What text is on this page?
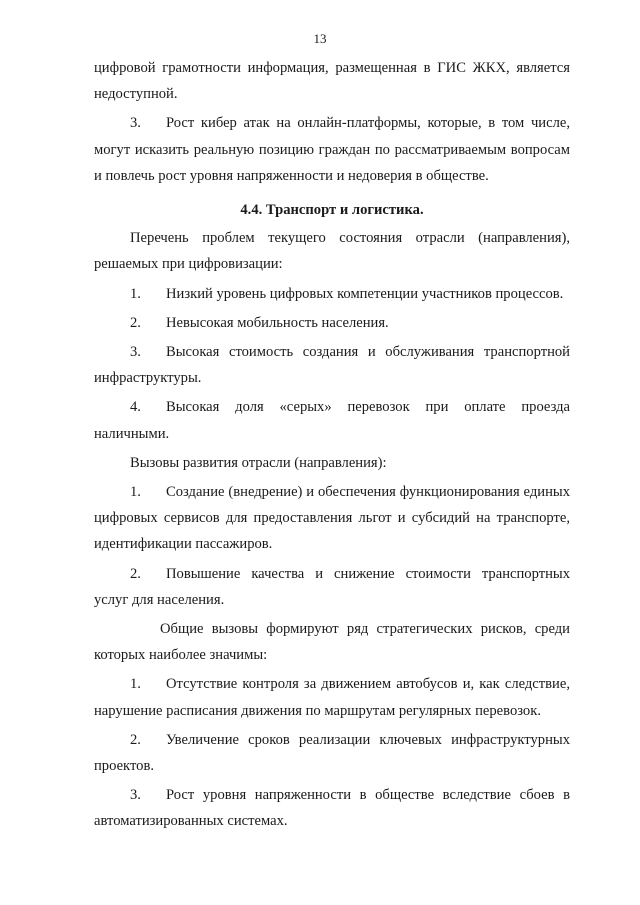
13

цифровой грамотности информация, размещенная в ГИС ЖКХ, является

недоступной.

3. Рост кибер атак на онлайн-платформы, которые, в том числе, могут исказить реальную позицию граждан по рассматриваемым вопросам и повлечь рост уровня напряженности и недоверия в обществе.

4.4. Транспорт и логистика.

Перечень проблем текущего состояния отрасли (направления), решаемых при цифровизации:

1. Низкий уровень цифровых компетенции участников процессов.

2. Невысокая мобильность населения.

3. Высокая стоимость создания и обслуживания транспортной инфраструктуры.

4. Высокая доля «серых» перевозок при оплате проезда наличными.

Вызовы развития отрасли (направления):

1. Создание (внедрение) и обеспечения функционирования единых цифровых сервисов для предоставления льгот и субсидий на транспорте, идентификации пассажиров.

2. Повышение качества и снижение стоимости транспортных услуг для населения.

Общие вызовы формируют ряд стратегических рисков, среди которых наиболее значимы:

1. Отсутствие контроля за движением автобусов и, как следствие, нарушение расписания движения по маршрутам регулярных перевозок.

2. Увеличение сроков реализации ключевых инфраструктурных проектов.

3. Рост уровня напряженности в обществе вследствие сбоев в автоматизированных системах.
